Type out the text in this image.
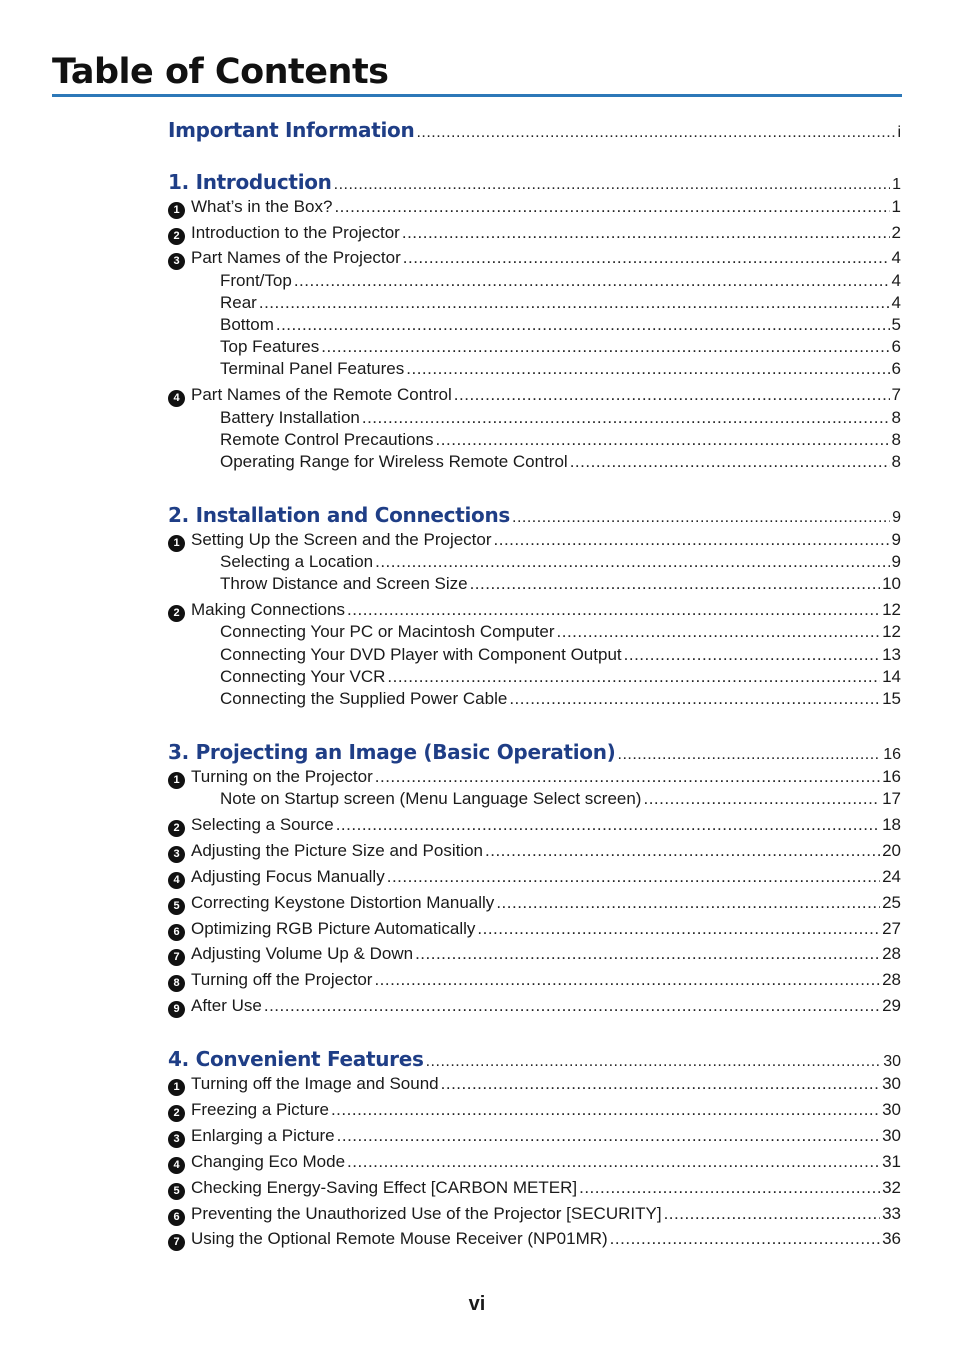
Table of Contents
Important Information .....	i
1. Introduction .....	1
1 What’s in the Box? .....	1
2 Introduction to the Projector .....	2
3 Part Names of the Projector .....	4
Front/Top .....	4
Rear .....	4
Bottom .....	5
Top Features .....	6
Terminal Panel Features .....	6
4 Part Names of the Remote Control .....	7
Battery Installation .....	8
Remote Control Precautions .....	8
Operating Range for Wireless Remote Control .....	8
2. Installation and Connections .....	9
1 Setting Up the Screen and the Projector .....	9
Selecting a Location .....	9
Throw Distance and Screen Size .....	10
2 Making Connections .....	12
Connecting Your PC or Macintosh Computer .....	12
Connecting Your DVD Player with Component Output .....	13
Connecting Your VCR .....	14
Connecting the Supplied Power Cable .....	15
3. Projecting an Image (Basic Operation) .....	16
1 Turning on the Projector .....	16
Note on Startup screen (Menu Language Select screen) .....	17
2 Selecting a Source .....	18
3 Adjusting the Picture Size and Position .....	20
4 Adjusting Focus Manually .....	24
5 Correcting Keystone Distortion Manually .....	25
6 Optimizing RGB Picture Automatically .....	27
7 Adjusting Volume Up & Down .....	28
8 Turning off the Projector .....	28
9 After Use .....	29
4. Convenient Features .....	30
1 Turning off the Image and Sound .....	30
2 Freezing a Picture .....	30
3 Enlarging a Picture .....	30
4 Changing Eco Mode .....	31
5 Checking Energy-Saving Effect [CARBON METER] .....	32
6 Preventing the Unauthorized Use of the Projector [SECURITY] .....	33
7 Using the Optional Remote Mouse Receiver (NP01MR) .....	36
vi
